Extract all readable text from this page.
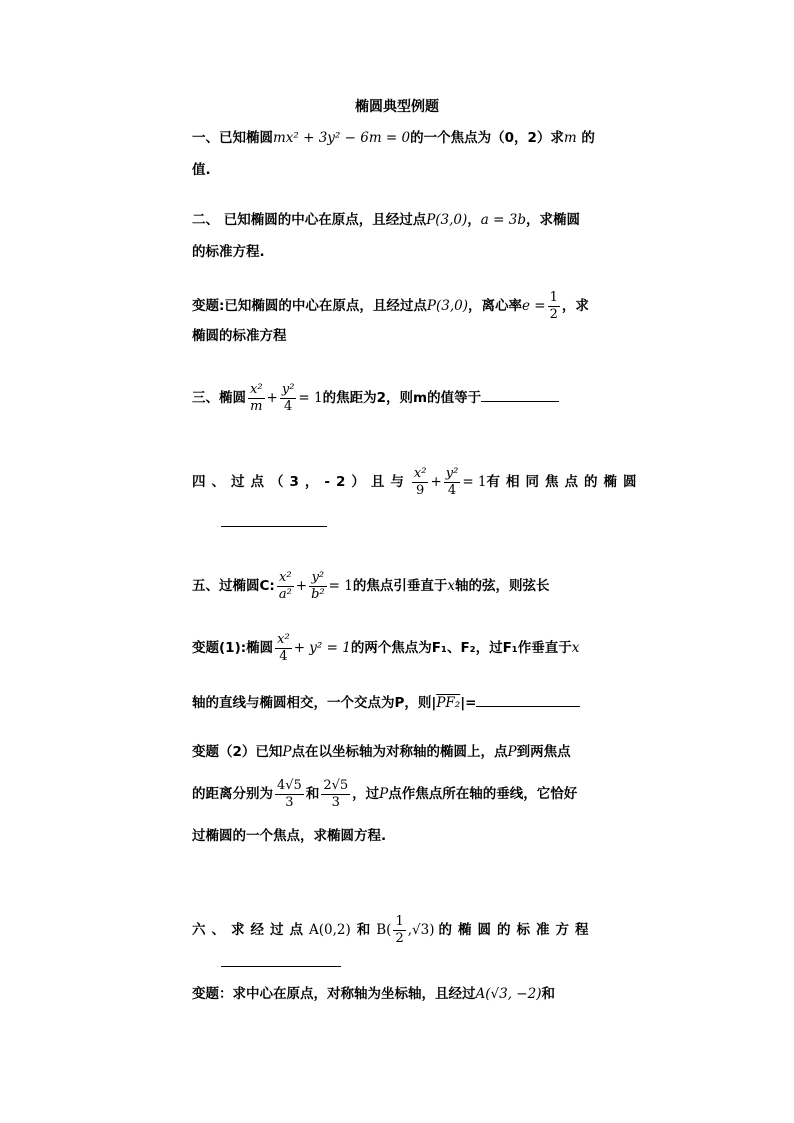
椭圆典型例题
一、已知椭圆mx² + 3y² − 6m = 0的一个焦点为（0，2）求m 的
值.
二、 已知椭圆的中心在原点，且经过点P(3,0)，a = 3b，求椭圆
的标准方程.
变题:已知椭圆的中心在原点，且经过点P(3,0)，离心率$e = \frac{1}{2}$ ，求
椭圆的标准方程
三、椭圆 $\frac{\text{x²}}{m} + \frac{\text{y²}}{4} = 1$的焦距为2，则m的值等于
四、过点（3，-2）且与 $\frac{\text{x²}}{9} + \frac{\text{y²}}{4} = 1$有相同焦点的椭圆
五、过椭圆C: $\frac{\text{x²}}{\text{a²}} + \frac{\text{y²}}{\text{b²}} = 1$的焦点引垂直于x轴的弦，则弦长
变题(1):椭圆 $\frac{\text{x²}}{4} + y^2 = 1$的两个焦点为F₁、F₂，过F₁作垂直于x
轴的直线与椭圆相交，一个交点为P，则|PF₂|=
变题（2）已知P点在以坐标轴为对称轴的椭圆上，点P到两焦点
的距离分别为 $\frac{4√5}{3}$ 和 $\frac{2√5}{3}$ ，过P点作焦点所在轴的垂线，它恰好
过椭圆的一个焦点，求椭圆方程.
六、求经过点A(0,2) 和 $B( \frac{1}{2} ,√3)$ 的椭圆的标准方程
变题：求中心在原点，对称轴为坐标轴，且经过A(√3, −2)和
